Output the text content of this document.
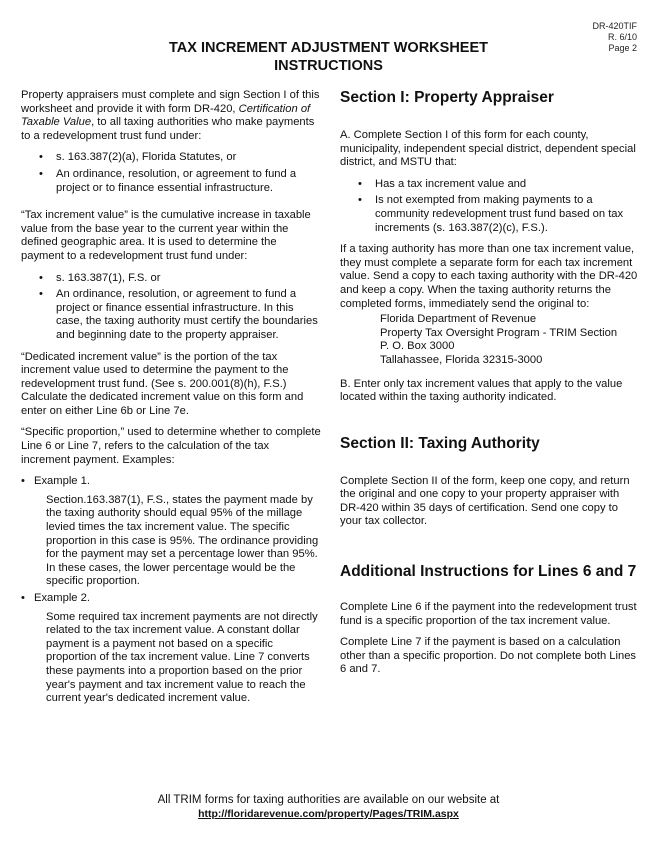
DR-420TIF
R. 6/10
Page 2
TAX INCREMENT ADJUSTMENT WORKSHEET
INSTRUCTIONS

Property appraisers must complete and sign Section I of this worksheet and provide it with form DR-420, Certification of Taxable Value, to all taxing authorities who make payments to a redevelopment trust fund under:

• s. 163.387(2)(a), Florida Statutes, or
• An ordinance, resolution, or agreement to fund a project or to finance essential infrastructure.

“Tax increment value” is the cumulative increase in taxable value from the base year to the current year within the defined geographic area. It is used to determine the payment to a redevelopment trust fund under:

• s. 163.387(1), F.S. or
• An ordinance, resolution, or agreement to fund a project or finance essential infrastructure. In this case, the taxing authority must certify the boundaries and beginning date to the property appraiser.

“Dedicated increment value” is the portion of the tax increment value used to determine the payment to the redevelopment trust fund. (See s. 200.001(8)(h), F.S.) Calculate the dedicated increment value on this form and enter on either Line 6b or Line 7e.

“Specific proportion,” used to determine whether to complete Line 6 or Line 7, refers to the calculation of the tax increment payment. Examples:

• Example 1.
Section.163.387(1), F.S., states the payment made by the taxing authority should equal 95% of the millage levied times the tax increment value. The specific proportion in this case is 95%. The ordinance providing for the payment may set a percentage lower than 95%. In these cases, the lower percentage would be the specific proportion.
• Example 2.
Some required tax increment payments are not directly related to the tax increment value. A constant dollar payment is a payment not based on a specific proportion of the tax increment value. Line 7 converts these payments into a proportion based on the prior year's payment and tax increment value to reach the current year's dedicated increment value.
Section I: Property Appraiser

A. Complete Section I of this form for each county, municipality, independent special district, dependent special district, and MSTU that:

• Has a tax increment value and
• Is not exempted from making payments to a community redevelopment trust fund based on tax increments (s. 163.387(2)(c), F.S.).

If a taxing authority has more than one tax increment value, they must complete a separate form for each tax increment value. Send a copy to each taxing authority with the DR-420 and keep a copy. When the taxing authority returns the completed forms, immediately send the original to:

Florida Department of Revenue
Property Tax Oversight Program - TRIM Section
P. O. Box 3000
Tallahassee, Florida 32315-3000

B. Enter only tax increment values that apply to the value located within the taxing authority indicated.

Section II: Taxing Authority

Complete Section II of the form, keep one copy, and return the original and one copy to your property appraiser with DR-420 within 35 days of certification. Send one copy to your tax collector.

Additional Instructions for Lines 6 and 7

Complete Line 6 if the payment into the redevelopment trust fund is a specific proportion of the tax increment value.

Complete Line 7 if the payment is based on a calculation other than a specific proportion. Do not complete both Lines 6 and 7.

All TRIM forms for taxing authorities are available on our website at
http://floridarevenue.com/property/Pages/TRIM.aspx
